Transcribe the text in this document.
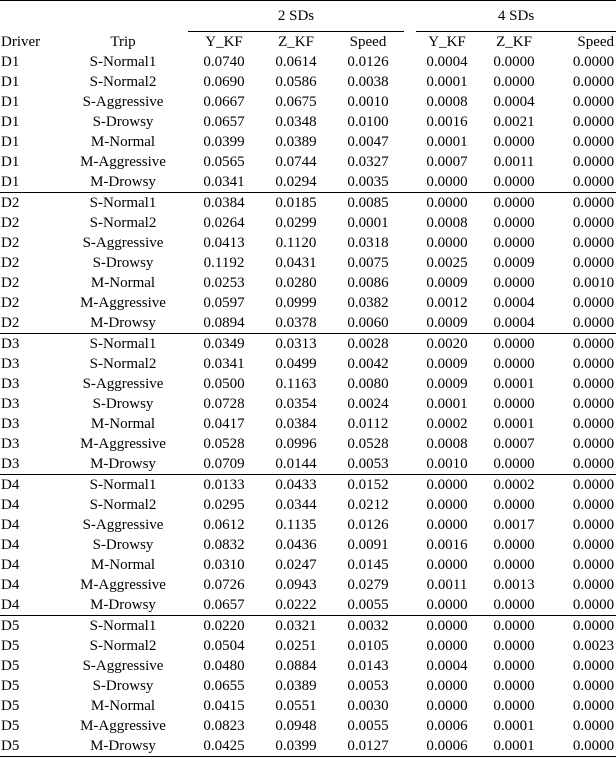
		2 SDs				4 SDs		
Driver	Trip	Y_KF	Z_KF	Speed		Y_KF	Z_KF	Speed
D1	S-Normal1	0.0740	0.0614	0.0126		0.0004	0.0000	0.0000
D1	S-Normal2	0.0690	0.0586	0.0038		0.0001	0.0000	0.0000
D1	S-Aggressive	0.0667	0.0675	0.0010		0.0008	0.0004	0.0000
D1	S-Drowsy	0.0657	0.0348	0.0100		0.0016	0.0021	0.0000
D1	M-Normal	0.0399	0.0389	0.0047		0.0001	0.0000	0.0000
D1	M-Aggressive	0.0565	0.0744	0.0327		0.0007	0.0011	0.0000
D1	M-Drowsy	0.0341	0.0294	0.0035		0.0000	0.0000	0.0000
D2	S-Normal1	0.0384	0.0185	0.0085		0.0000	0.0000	0.0000
D2	S-Normal2	0.0264	0.0299	0.0001		0.0008	0.0000	0.0000
D2	S-Aggressive	0.0413	0.1120	0.0318		0.0000	0.0000	0.0000
D2	S-Drowsy	0.1192	0.0431	0.0075		0.0025	0.0009	0.0000
D2	M-Normal	0.0253	0.0280	0.0086		0.0009	0.0000	0.0010
D2	M-Aggressive	0.0597	0.0999	0.0382		0.0012	0.0004	0.0000
D2	M-Drowsy	0.0894	0.0378	0.0060		0.0009	0.0004	0.0000
D3	S-Normal1	0.0349	0.0313	0.0028		0.0020	0.0000	0.0000
D3	S-Normal2	0.0341	0.0499	0.0042		0.0009	0.0000	0.0000
D3	S-Aggressive	0.0500	0.1163	0.0080		0.0009	0.0001	0.0000
D3	S-Drowsy	0.0728	0.0354	0.0024		0.0001	0.0000	0.0000
D3	M-Normal	0.0417	0.0384	0.0112		0.0002	0.0001	0.0000
D3	M-Aggressive	0.0528	0.0996	0.0528		0.0008	0.0007	0.0000
D3	M-Drowsy	0.0709	0.0144	0.0053		0.0010	0.0000	0.0000
D4	S-Normal1	0.0133	0.0433	0.0152		0.0000	0.0002	0.0000
D4	S-Normal2	0.0295	0.0344	0.0212		0.0000	0.0000	0.0000
D4	S-Aggressive	0.0612	0.1135	0.0126		0.0000	0.0017	0.0000
D4	S-Drowsy	0.0832	0.0436	0.0091		0.0016	0.0000	0.0000
D4	M-Normal	0.0310	0.0247	0.0145		0.0000	0.0000	0.0000
D4	M-Aggressive	0.0726	0.0943	0.0279		0.0011	0.0013	0.0000
D4	M-Drowsy	0.0657	0.0222	0.0055		0.0000	0.0000	0.0000
D5	S-Normal1	0.0220	0.0321	0.0032		0.0000	0.0000	0.0000
D5	S-Normal2	0.0504	0.0251	0.0105		0.0000	0.0000	0.0023
D5	S-Aggressive	0.0480	0.0884	0.0143		0.0004	0.0000	0.0000
D5	S-Drowsy	0.0655	0.0389	0.0053		0.0000	0.0000	0.0000
D5	M-Normal	0.0415	0.0551	0.0030		0.0000	0.0000	0.0000
D5	M-Aggressive	0.0823	0.0948	0.0055		0.0006	0.0001	0.0000
D5	M-Drowsy	0.0425	0.0399	0.0127		0.0006	0.0001	0.0000
